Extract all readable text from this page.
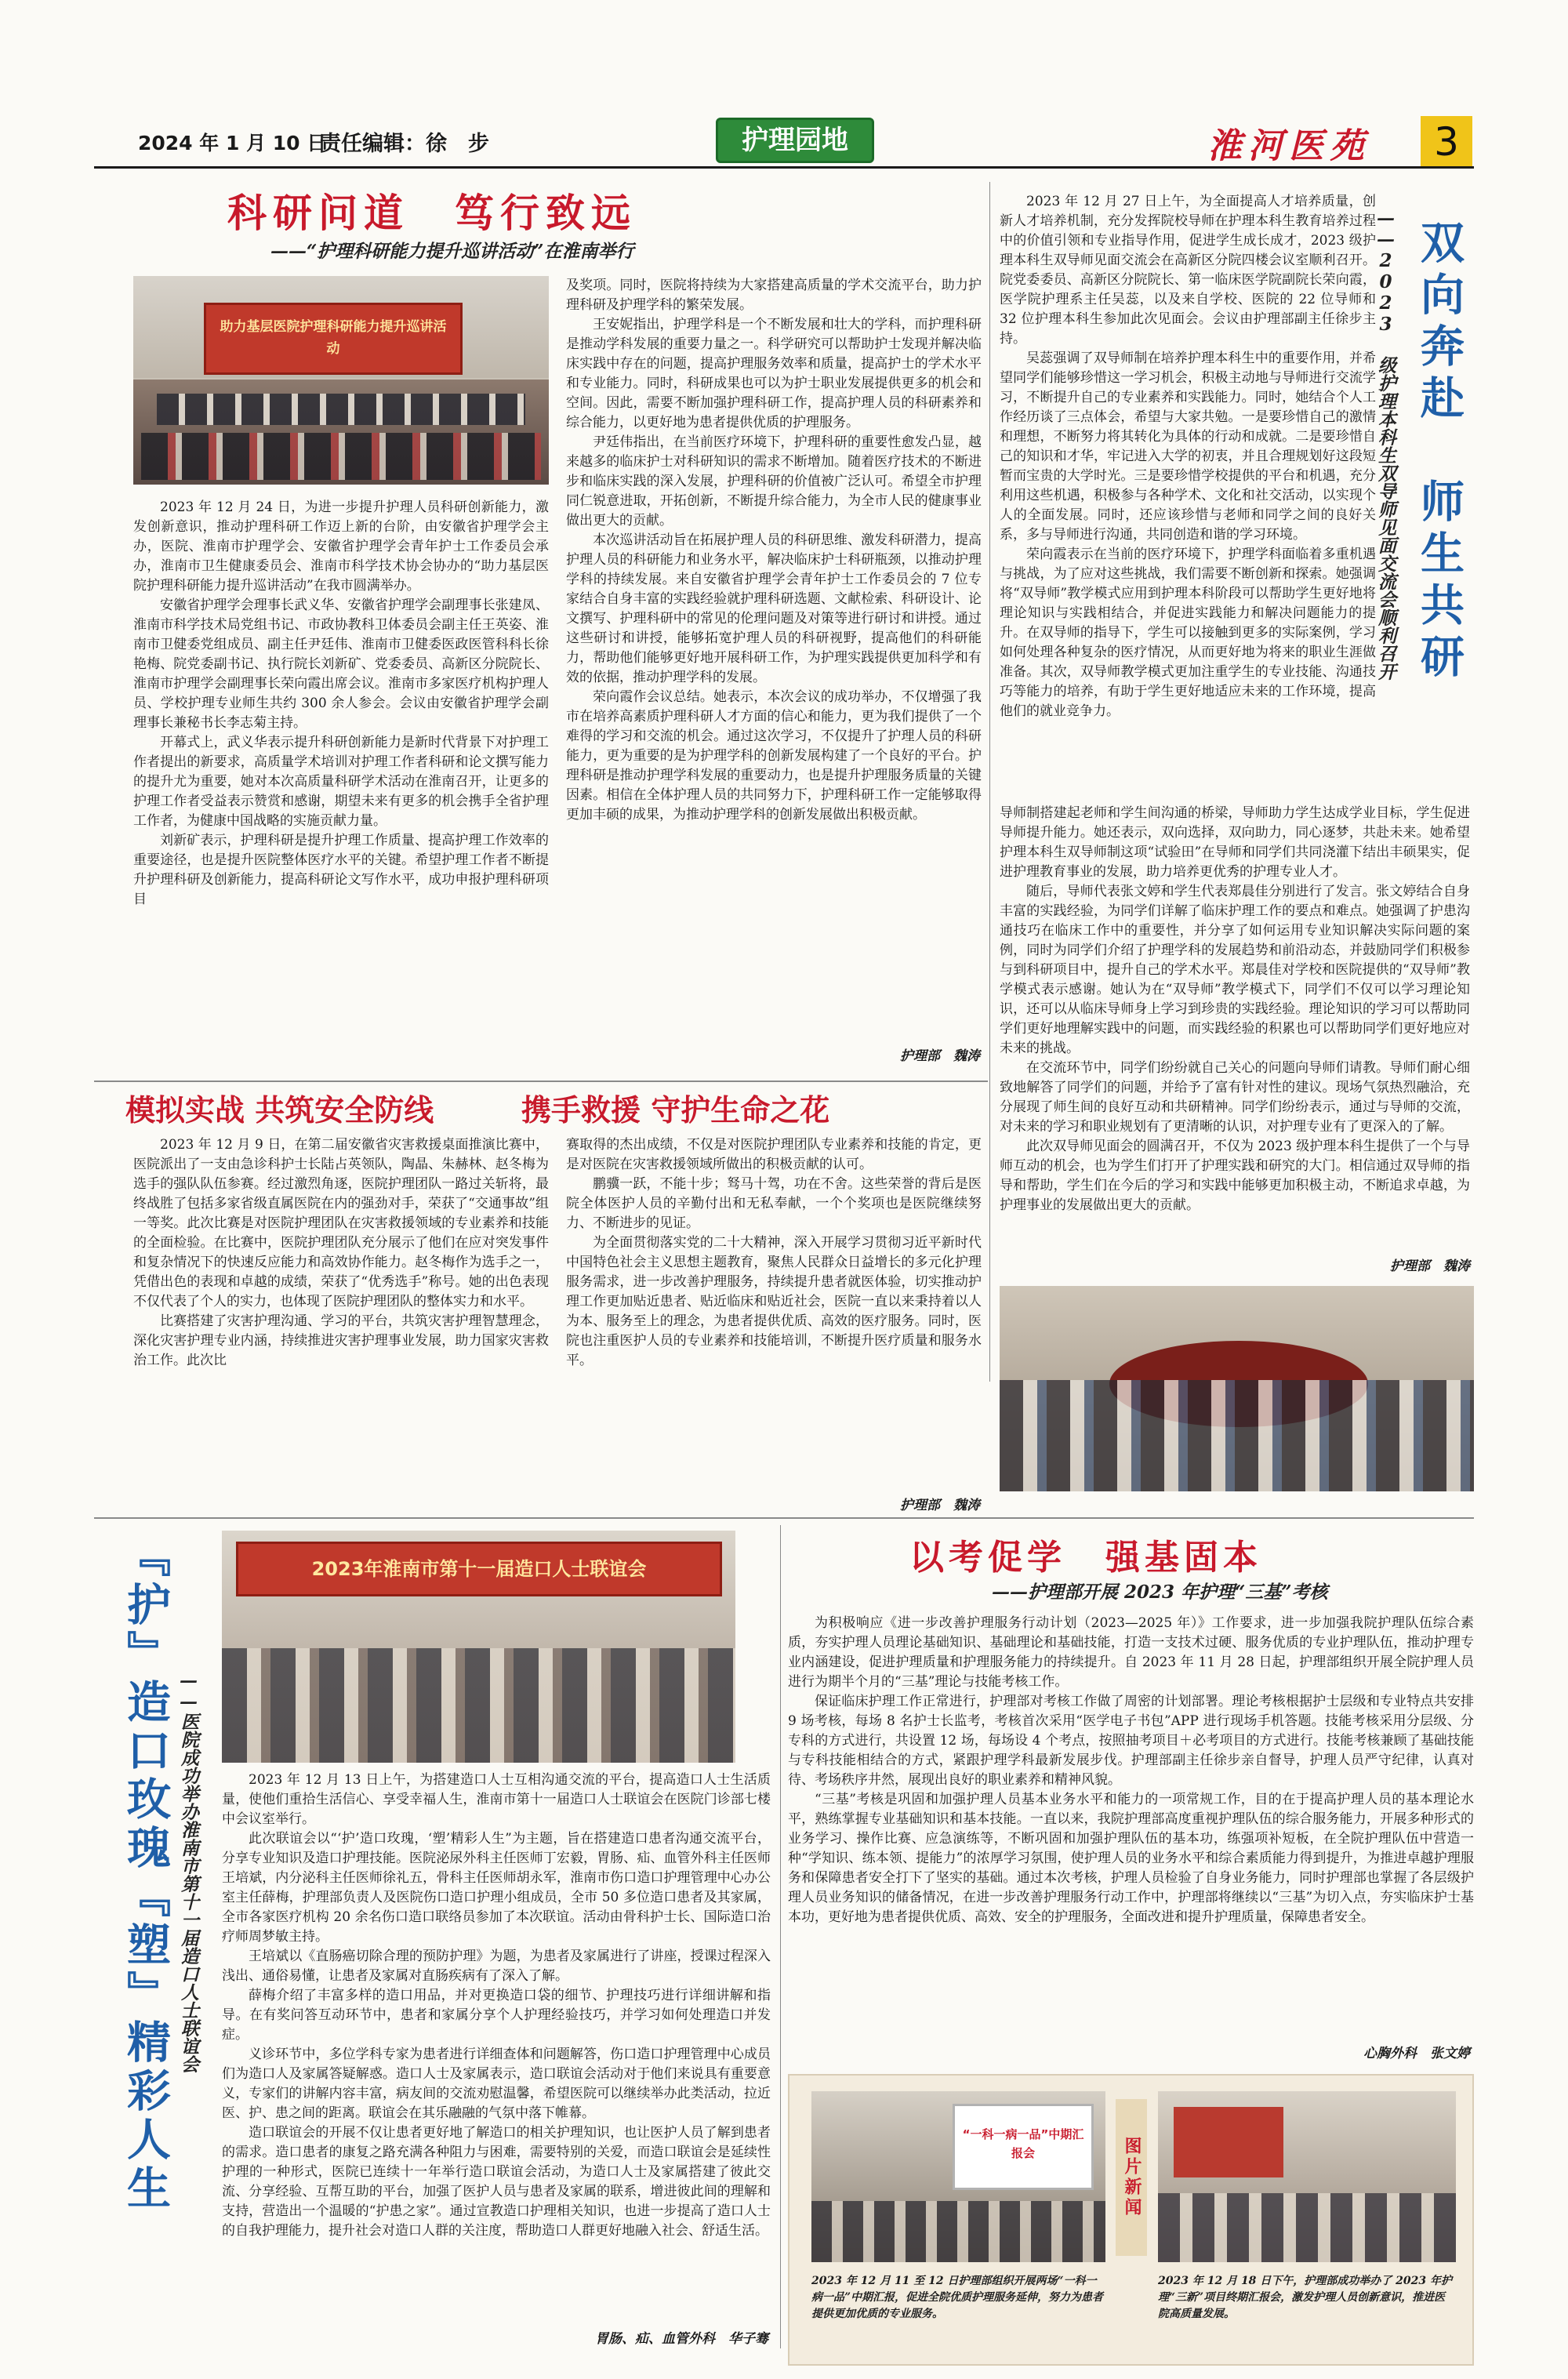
2024 年 1 月 10 日
责任编辑：徐　步	护理园地	淮河医苑	3
科研问道　笃行致远
——“护理科研能力提升巡讲活动”在淮南举行
助力基层医院护理科研能力提升巡讲活动

2023 年 12 月 24 日，为进一步提升护理人员科研创新能力，激发创新意识，推动护理科研工作迈上新的台阶，由安徽省护理学会主办，医院、淮南市护理学会、安徽省护理学会青年护士工作委员会承办，淮南市卫生健康委员会、淮南市科学技术协会协办的“助力基层医院护理科研能力提升巡讲活动”在我市圆满举办。

安徽省护理学会理事长武义华、安徽省护理学会副理事长张建凤、淮南市科学技术局党组书记、市政协教科卫体委员会副主任王英姿、淮南市卫健委党组成员、副主任尹廷伟、淮南市卫健委医政医管科科长徐艳梅、院党委副书记、执行院长刘新矿、党委委员、高新区分院院长、淮南市护理学会副理事长荣向霞出席会议。淮南市多家医疗机构护理人员、学校护理专业师生共约 300 余人参会。会议由安徽省护理学会副理事长兼秘书长李志菊主持。

开幕式上，武义华表示提升科研创新能力是新时代背景下对护理工作者提出的新要求，高质量学术培训对护理工作者科研和论文撰写能力的提升尤为重要，她对本次高质量科研学术活动在淮南召开，让更多的护理工作者受益表示赞赏和感谢，期望未来有更多的机会携手全省护理工作者，为健康中国战略的实施贡献力量。

刘新矿表示，护理科研是提升护理工作质量、提高护理工作效率的重要途径，也是提升医院整体医疗水平的关键。希望护理工作者不断提升护理科研及创新能力，提高科研论文写作水平，成功申报护理科研项目

及奖项。同时，医院将持续为大家搭建高质量的学术交流平台，助力护理科研及护理学科的繁荣发展。

王安妮指出，护理学科是一个不断发展和壮大的学科，而护理科研是推动学科发展的重要力量之一。科学研究可以帮助护士发现并解决临床实践中存在的问题，提高护理服务效率和质量，提高护士的学术水平和专业能力。同时，科研成果也可以为护士职业发展提供更多的机会和空间。因此，需要不断加强护理科研工作，提高护理人员的科研素养和综合能力，以更好地为患者提供优质的护理服务。

尹廷伟指出，在当前医疗环境下，护理科研的重要性愈发凸显，越来越多的临床护士对科研知识的需求不断增加。随着医疗技术的不断进步和临床实践的深入发展，护理科研的价值被广泛认可。希望全市护理同仁锐意进取，开拓创新，不断提升综合能力，为全市人民的健康事业做出更大的贡献。

本次巡讲活动旨在拓展护理人员的科研思维、激发科研潜力，提高护理人员的科研能力和业务水平，解决临床护士科研瓶颈，以推动护理学科的持续发展。来自安徽省护理学会青年护士工作委员会的 7 位专家结合自身丰富的实践经验就护理科研选题、文献检索、科研设计、论文撰写、护理科研中的常见的伦理问题及对策等进行研讨和讲授。通过这些研讨和讲授，能够拓宽护理人员的科研视野，提高他们的科研能力，帮助他们能够更好地开展科研工作，为护理实践提供更加科学和有效的依据，推动护理学科的发展。

荣向霞作会议总结。她表示，本次会议的成功举办，不仅增强了我市在培养高素质护理科研人才方面的信心和能力，更为我们提供了一个难得的学习和交流的机会。通过这次学习，不仅提升了护理人员的科研能力，更为重要的是为护理学科的创新发展构建了一个良好的平台。护理科研是推动护理学科发展的重要动力，也是提升护理服务质量的关键因素。相信在全体护理人员的共同努力下，护理科研工作一定能够取得更加丰硕的成果，为推动护理学科的创新发展做出积极贡献。

护理部　魏涛

2023 年 12 月 27 日上午，为全面提高人才培养质量，创新人才培养机制，充分发挥院校导师在护理本科生教育培养过程中的价值引领和专业指导作用，促进学生成长成才，2023 级护理本科生双导师见面交流会在高新区分院四楼会议室顺利召开。院党委委员、高新区分院院长、第一临床医学院副院长荣向霞，医学院护理系主任吴蕊，以及来自学校、医院的 22 位导师和 32 位护理本科生参加此次见面会。会议由护理部副主任徐步主持。

吴蕊强调了双导师制在培养护理本科生中的重要作用，并希望同学们能够珍惜这一学习机会，积极主动地与导师进行交流学习，不断提升自己的专业素养和实践能力。同时，她结合个人工作经历谈了三点体会，希望与大家共勉。一是要珍惜自己的激情和理想，不断努力将其转化为具体的行动和成就。二是要珍惜自己的知识和才华，牢记进入大学的初衷，并且合理规划好这段短暂而宝贵的大学时光。三是要珍惜学校提供的平台和机遇，充分利用这些机遇，积极参与各种学术、文化和社交活动，以实现个人的全面发展。同时，还应该珍惜与老师和同学之间的良好关系，多与导师进行沟通，共同创造和谐的学习环境。

荣向霞表示在当前的医疗环境下，护理学科面临着多重机遇与挑战，为了应对这些挑战，我们需要不断创新和探索。她强调将“双导师”教学模式应用到护理本科阶段可以帮助学生更好地将理论知识与实践相结合，并促进实践能力和解决问题能力的提升。在双导师的指导下，学生可以接触到更多的实际案例，学习如何处理各种复杂的医疗情况，从而更好地为将来的职业生涯做准备。其次，双导师教学模式更加注重学生的专业技能、沟通技巧等能力的培养，有助于学生更好地适应未来的工作环境，提高他们的就业竞争力。

——2023 级护理本科生双导师见面交流会顺利召开 双向奔赴　师生共研

导师制搭建起老师和学生间沟通的桥梁，导师助力学生达成学业目标，学生促进导师提升能力。她还表示，双向选择，双向助力，同心逐梦，共赴未来。她希望护理本科生双导师制这项“试验田”在导师和同学们共同浇灌下结出丰硕果实，促进护理教育事业的发展，助力培养更优秀的护理专业人才。

随后，导师代表张文婷和学生代表郑晨佳分别进行了发言。张文婷结合自身丰富的实践经验，为同学们详解了临床护理工作的要点和难点。她强调了护患沟通技巧在临床工作中的重要性，并分享了如何运用专业知识解决实际问题的案例，同时为同学们介绍了护理学科的发展趋势和前沿动态，并鼓励同学们积极参与到科研项目中，提升自己的学术水平。郑晨佳对学校和医院提供的“双导师”教学模式表示感谢。她认为在“双导师”教学模式下，同学们不仅可以学习理论知识，还可以从临床导师身上学习到珍贵的实践经验。理论知识的学习可以帮助同学们更好地理解实践中的问题，而实践经验的积累也可以帮助同学们更好地应对未来的挑战。

在交流环节中，同学们纷纷就自己关心的问题向导师们请教。导师们耐心细致地解答了同学们的问题，并给予了富有针对性的建议。现场气氛热烈融洽，充分展现了师生间的良好互动和共研精神。同学们纷纷表示，通过与导师的交流，对未来的学习和职业规划有了更清晰的认识，对护理专业有了更深入的了解。

此次双导师见面会的圆满召开，不仅为 2023 级护理本科生提供了一个与导师互动的机会，也为学生们打开了护理实践和研究的大门。相信通过双导师的指导和帮助，学生们在今后的学习和实践中能够更加积极主动，不断追求卓越，为护理事业的发展做出更大的贡献。

护理部　魏涛
模拟实战 共筑安全防线	携手救援 守护生命之花

2023 年 12 月 9 日，在第二届安徽省灾害救援桌面推演比赛中，医院派出了一支由急诊科护士长陆占英领队，陶晶、朱赫林、赵冬梅为选手的强队队伍参赛。经过激烈角逐，医院护理团队一路过关斩将，最终战胜了包括多家省级直属医院在内的强劲对手，荣获了“交通事故”组一等奖。此次比赛是对医院护理团队在灾害救援领域的专业素养和技能的全面检验。在比赛中，医院护理团队充分展示了他们在应对突发事件和复杂情况下的快速反应能力和高效协作能力。赵冬梅作为选手之一，凭借出色的表现和卓越的成绩，荣获了“优秀选手”称号。她的出色表现不仅代表了个人的实力，也体现了医院护理团队的整体实力和水平。

比赛搭建了灾害护理沟通、学习的平台，共筑灾害护理智慧理念，深化灾害护理专业内涵，持续推进灾害护理事业发展，助力国家灾害救治工作。此次比

赛取得的杰出成绩，不仅是对医院护理团队专业素养和技能的肯定，更是对医院在灾害救援领域所做出的积极贡献的认可。

鹏骥一跃，不能十步；驽马十驾，功在不舍。这些荣誉的背后是医院全体医护人员的辛勤付出和无私奉献，一个个奖项也是医院继续努力、不断进步的见证。

为全面贯彻落实党的二十大精神，深入开展学习贯彻习近平新时代中国特色社会主义思想主题教育，聚焦人民群众日益增长的多元化护理服务需求，进一步改善护理服务，持续提升患者就医体验，切实推动护理工作更加贴近患者、贴近临床和贴近社会，医院一直以来秉持着以人为本、服务至上的理念，为患者提供优质、高效的医疗服务。同时，医院也注重医护人员的专业素养和技能培训，不断提升医疗质量和服务水平。

护理部　魏涛
『护』造口玫瑰『塑』精彩人生 ——医院成功举办淮南市第十一届造口人士联谊会
2023年淮南市第十一届造口人士联谊会

2023 年 12 月 13 日上午，为搭建造口人士互相沟通交流的平台，提高造口人士生活质量，使他们重拾生活信心、享受幸福人生，淮南市第十一届造口人士联谊会在医院门诊部七楼中会议室举行。

此次联谊会以“‘护’造口玫瑰，‘塑’精彩人生”为主题，旨在搭建造口患者沟通交流平台，分享专业知识及造口护理技能。医院泌尿外科主任医师丁宏毅，胃肠、疝、血管外科主任医师王培斌，内分泌科主任医师徐礼五，骨科主任医师胡永军，淮南市伤口造口护理管理中心办公室主任薛梅，护理部负责人及医院伤口造口护理小组成员，全市 50 多位造口患者及其家属，全市各家医疗机构 20 余名伤口造口联络员参加了本次联谊。活动由骨科护士长、国际造口治疗师周梦敏主持。

王培斌以《直肠癌切除合理的预防护理》为题，为患者及家属进行了讲座，授课过程深入浅出、通俗易懂，让患者及家属对直肠疾病有了深入了解。

薛梅介绍了丰富多样的造口用品，并对更换造口袋的细节、护理技巧进行详细讲解和指导。在有奖问答互动环节中，患者和家属分享个人护理经验技巧，并学习如何处理造口并发症。

义诊环节中，多位学科专家为患者进行详细查体和问题解答，伤口造口护理管理中心成员们为造口人及家属答疑解惑。造口人士及家属表示，造口联谊会活动对于他们来说具有重要意义，专家们的讲解内容丰富，病友间的交流劝慰温馨，希望医院可以继续举办此类活动，拉近医、护、患之间的距离。联谊会在其乐融融的气氛中落下帷幕。

造口联谊会的开展不仅让患者更好地了解造口的相关护理知识，也让医护人员了解到患者的需求。造口患者的康复之路充满各种阻力与困难，需要特别的关爱，而造口联谊会是延续性护理的一种形式，医院已连续十一年举行造口联谊会活动，为造口人士及家属搭建了彼此交流、分享经验、互帮互助的平台，加强了医护人员与患者及家属的联系，增进彼此间的理解和支持，营造出一个温暖的“护患之家”。通过宣教造口护理相关知识，也进一步提高了造口人士的自我护理能力，提升社会对造口人群的关注度，帮助造口人群更好地融入社会、舒适生活。

胃肠、疝、血管外科　华子骞
以考促学　强基固本
——护理部开展 2023 年护理“三基”考核

为积极响应《进一步改善护理服务行动计划（2023—2025 年）》工作要求，进一步加强我院护理队伍综合素质，夯实护理人员理论基础知识、基础理论和基础技能，打造一支技术过硬、服务优质的专业护理队伍，推动护理专业内涵建设，促进护理质量和护理服务能力的持续提升。自 2023 年 11 月 28 日起，护理部组织开展全院护理人员进行为期半个月的“三基”理论与技能考核工作。

保证临床护理工作正常进行，护理部对考核工作做了周密的计划部署。理论考核根据护士层级和专业特点共安排 9 场考核，每场 8 名护士长监考，考核首次采用“医学电子书包”APP 进行现场手机答题。技能考核采用分层级、分专科的方式进行，共设置 12 场，每场设 4 个考点，按照抽考项目＋必考项目的方式进行。技能考核兼顾了基础技能与专科技能相结合的方式，紧跟护理学科最新发展步伐。护理部副主任徐步亲自督导，护理人员严守纪律，认真对待、考场秩序井然，展现出良好的职业素养和精神风貌。

“三基”考核是巩固和加强护理人员基本业务水平和能力的一项常规工作，目的在于提高护理人员的基本理论水平，熟练掌握专业基础知识和基本技能。一直以来，我院护理部高度重视护理队伍的综合服务能力，开展多种形式的业务学习、操作比赛、应急演练等，不断巩固和加强护理队伍的基本功，练强项补短板，在全院护理队伍中营造一种“学知识、练本领、提能力”的浓厚学习氛围，使护理人员的业务水平和综合素质能力得到提升，为推进卓越护理服务和保障患者安全打下了坚实的基础。通过本次考核，护理人员检验了自身业务能力，同时护理部也掌握了各层级护理人员业务知识的储备情况，在进一步改善护理服务行动工作中，护理部将继续以“三基”为切入点，夯实临床护士基本功，更好地为患者提供优质、高效、安全的护理服务，全面改进和提升护理质量，保障患者安全。

心胸外科　张文婷
“一科一病一品”中期汇报会	图片新闻
2023 年 12 月 11 至 12 日护理部组织开展两场“一科一病一品”中期汇报，促进全院优质护理服务延伸，努力为患者提供更加优质的专业服务。
2023 年 12 月 18 日下午，护理部成功举办了 2023 年护理“三新”项目终期汇报会，激发护理人员创新意识，推进医院高质量发展。
